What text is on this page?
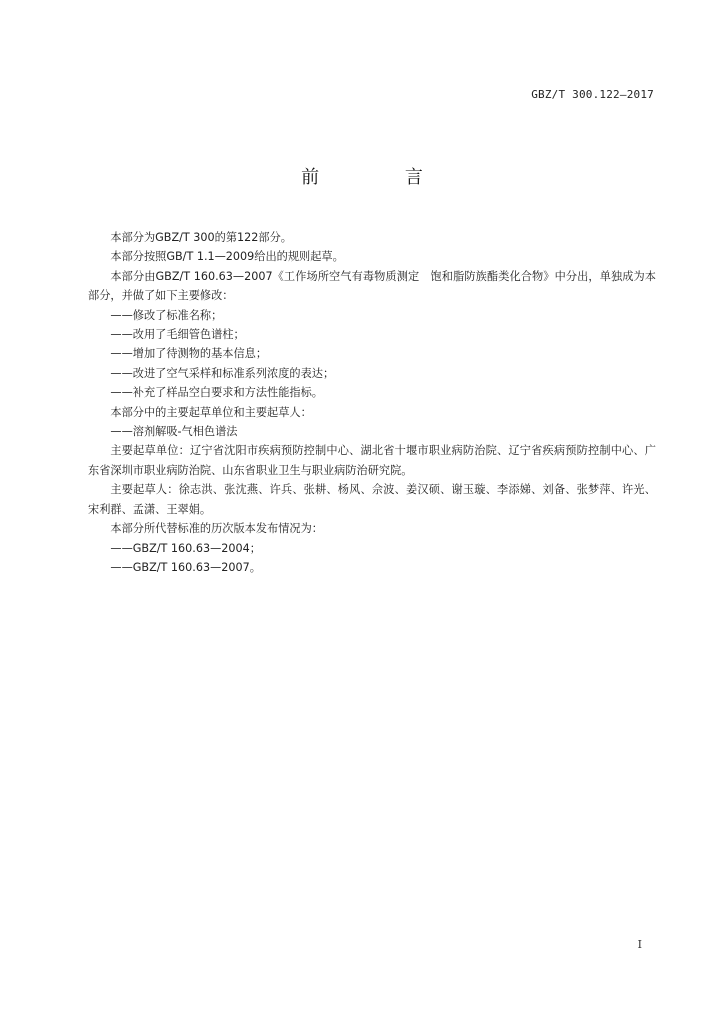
GBZ/T 300.122—2017
前 言

本部分为GBZ/T 300的第122部分。

本部分按照GB/T 1.1—2009给出的规则起草。

本部分由GBZ/T 160.63—2007《工作场所空气有毒物质测定　饱和脂防族酯类化合物》中分出，单独成为本部分，并做了如下主要修改：

——修改了标准名称；

——改用了毛细管色谱柱；

——增加了待测物的基本信息；

——改进了空气采样和标准系列浓度的表达；

——补充了样品空白要求和方法性能指标。

本部分中的主要起草单位和主要起草人：

——溶剂解吸-气相色谱法

主要起草单位：辽宁省沈阳市疾病预防控制中心、湖北省十堰市职业病防治院、辽宁省疾病预防控制中心、广东省深圳市职业病防治院、山东省职业卫生与职业病防治研究院。

主要起草人：徐志洪、张沈燕、许兵、张耕、杨风、佘波、姜汉硕、谢玉璇、李添娣、刘备、张梦萍、许光、宋利群、孟潇、王翠娟。

本部分所代替标准的历次版本发布情况为：

——GBZ/T 160.63—2004；

——GBZ/T 160.63—2007。

I
